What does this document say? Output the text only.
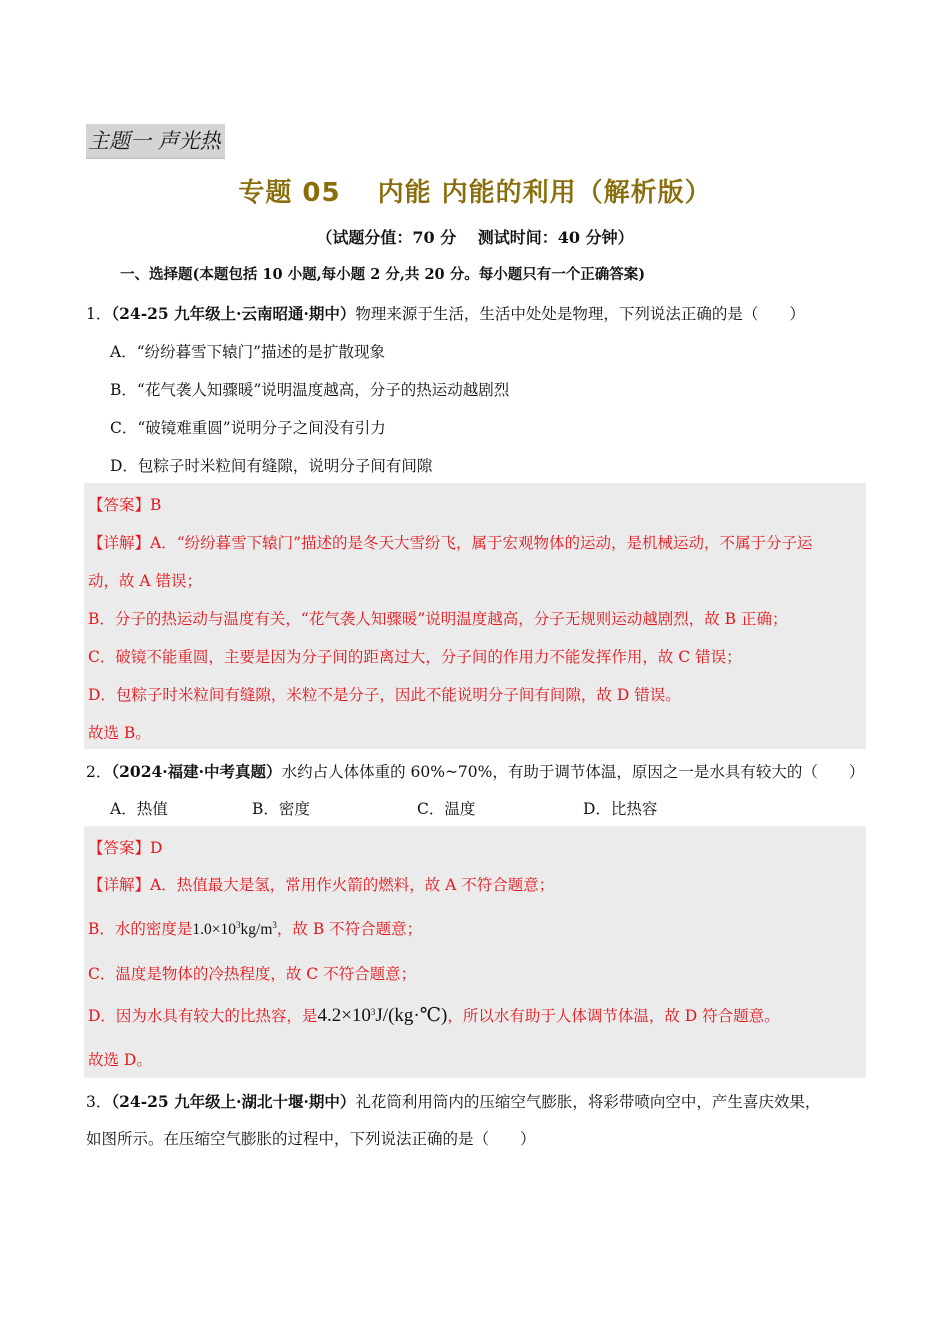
主题一 声光热
专题 05　 内能 内能的利用（解析版）
（试题分值：70 分　 测试时间：40 分钟）
一、选择题(本题包括 10 小题,每小题 2 分,共 20 分。每小题只有一个正确答案)
1．（24-25 九年级上·云南昭通·期中）物理来源于生活，生活中处处是物理，下列说法正确的是（　　）
A．“纷纷暮雪下辕门”描述的是扩散现象
B．“花气袭人知骤暖”说明温度越高，分子的热运动越剧烈
C．“破镜难重圆”说明分子之间没有引力
D．包粽子时米粒间有缝隙，说明分子间有间隙
【答案】B
【详解】A．“纷纷暮雪下辕门”描述的是冬天大雪纷飞，属于宏观物体的运动，是机械运动，不属于分子运
动，故 A 错误；
B．分子的热运动与温度有关，“花气袭人知骤暖”说明温度越高，分子无规则运动越剧烈，故 B 正确；
C．破镜不能重圆，主要是因为分子间的距离过大，分子间的作用力不能发挥作用，故 C 错误；
D．包粽子时米粒间有缝隙，米粒不是分子，因此不能说明分子间有间隙，故 D 错误。
故选 B。
2．（2024·福建·中考真题）水约占人体体重的 60%~70%，有助于调节体温，原因之一是水具有较大的（　　）
A．热值	B．密度	C．温度	D．比热容
【答案】D
【详解】A．热值最大是氢，常用作火箭的燃料，故 A 不符合题意；
B．水的密度是$1.0\times 10^3kg/m^3$，故 B 不符合题意；
C．温度是物体的冷热程度，故 C 不符合题意；
D．因为水具有较大的比热容，是$4.2\times 10^3J/(kg\cdot℃)$，所以水有助于人体调节体温，故 D 符合题意。
故选 D。
3．（24-25 九年级上·湖北十堰·期中）礼花筒利用筒内的压缩空气膨胀，将彩带喷向空中，产生喜庆效果，
如图所示。在压缩空气膨胀的过程中，下列说法正确的是（　　）
